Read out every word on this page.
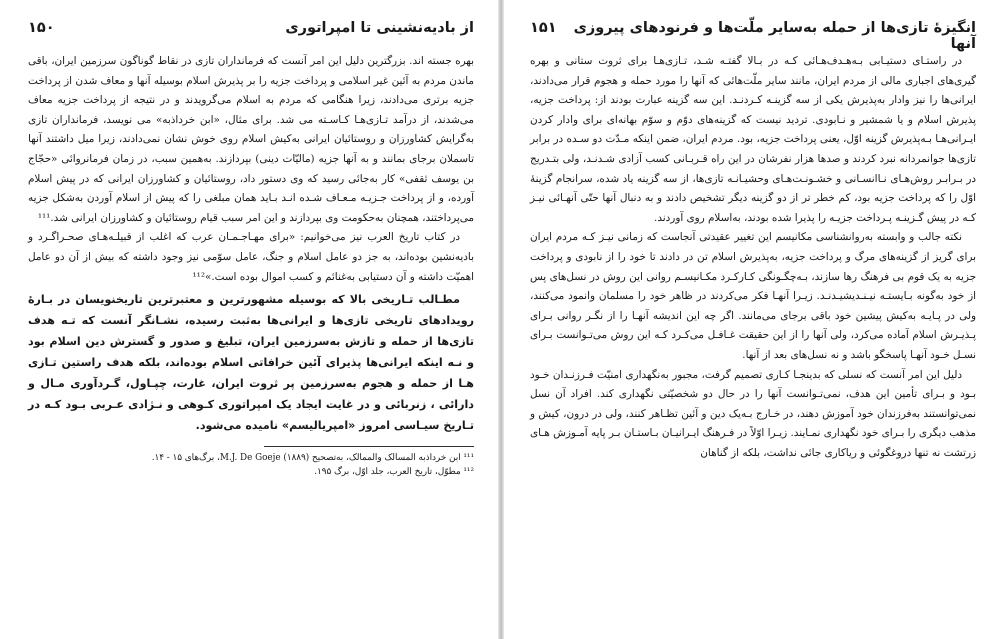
از بادیه‌نشینی تا امپراتوری
۱۵۰

بهره جسته اند. بزرگترین دلیل این امر آنست که فرمانداران تازی در نقاط گوناگون سرزمین ایران، باقی ماندن مردم به آئین غیر اسلامی و پرداخت جزیه را بر پذیرش اسلام بوسیله آنها و معاف شدن از پرداخت جزیه برتری می‌دادند، زیرا هنگامی که مردم به اسلام می‌گرویدند و در نتیجه از پرداخت جزیه معاف می‌شدند، از درآمد تـازی‌هـا کـاسـته می شد. برای مثال، «ابن خرداذبه» می نویسد، فرمانداران تازی به‌گرایش کشاورزان و روستائیان ایرانی به‌کیش اسلام روی خوش نشان نمی‌دادند، زیرا میل داشتند آنها تاسملان برجای بمانند و به آنها جزیه (مالیّات دینی) بپردازند. به‌همین سبب، در زمان فرمانروائی «حجّاج بن یوسف ثقفی» کار به‌جائی رسید که وی دستور داد، روستائیان و کشاورزان ایرانی که در پیش اسلام آورده، و از پرداخت جـزیـه مـعـاف شـده انـد بـاید همان مبلغی را که پیش از اسلام آوردن به‌شکل جزیه می‌پرداختند، همچنان به‌حکومت وی بپردازند و این امر سبب قیام روستائیان و کشاورزان ایرانی شد.¹¹¹

در کتاب تاریخ العرب نیز می‌خوانیم: «برای مهـاجـمـان عرب که اغلب از قبیلـه‌هـای صحـراگـرد و بادیه‌نشین بوده‌اند، به جز دو عامل اسلام و جنگ، عامل سوّمی نیز وجود داشته که بیش از آن دو عامل اهمیّت داشته و آن دستیابی به‌غنائم و کسب اموال بوده است.»¹¹²

مطـالب تـاریخی بالا که بوسیله مشهورترین و معتبرترین تاریخنویسان در بـارهٔ رویدادهای تاریخی تازی‌ها و ایرانی‌ها به‌ثبت رسیده، نشـانگر آنست که تـه هدف تازی‌ها از حمله و تازش به‌سرزمین ایران، تبلیغ و صدور و گسترش دین اسلام بود و نـه اینکه ایرانی‌ها پذیرای آئین خرافاتی اسلام بوده‌اند، بلکه هدف راستین تـازی‌ هـا از حمله و هجوم به‌سرزمین پر ثروت ایران، غارت، چپـاول، گـردآوری مـال و دارائی ، زنربائی و در غایت ایجاد یک امپراتوری کـوهی و نـژادی عـربی بـود کـه در تـاریخ سیـاسی امروز «امپریالیسم» نامیده می‌شود.

¹¹¹ ابن خرداذبه المسالک والممالک، به‌تصحیح M.J. De Goeje (۱۸۸۹)، برگ‌های ۱۵ - ۱۴.

¹¹² مطوّل، تاریخ العرب، جلد اوّل، برگ ۱۹۵.

انگیزهٔ تازی‌ها از حمله به‌سایر ملّت‌ها و فرنودهای پیروزی آنها
۱۵۱

در راستـای دستیـابی بـه‌هـدف‌هـائی کـه در بـالا گفتـه شـد، تـازی‌هـا برای ثروت ستانی و بهره گیری‌های اجباری مالی از مردم ایران، مانند سایر ملّت‌هائی که آنها را مورد حمله و هجوم قرار می‌دادند، ایرانی‌ها را نیز وادار به‌پذیرش یکی از سه گزینـه کـردنـد. این سه گزینه عبارت بودند از: پرداخت جزیه، پذیرش اسلام و یا شمشیر و نـابودی. تردید نیست که گزینه‌های دوّم و سوّم بهانه‌ای برای وادار کردن ایـرانی‌هـا بـه‌پذیرش گزینه اوّل، یعنی پرداخت جزیه، بود. مردم ایران، ضمن اینکه مـدّت دو سـده در برابر تازی‌ها جوانمردانه نبرد کردند و صدها هزار نفرشان در این راه قـربـانی کسب آزادی شـدنـد، ولی بتـدریج در بـرابـر روش‌هـای نـاانسـانی و خشـونـت‌هـای وحشیـانـه تازی‌ها، از سه گزینه یاد شده، سرانجام گزینهٔ اوّل را که پرداخت جزیه بود، کم خطر تر از دو گزینه دیگر تشخیص دادند و به دنبال آنها حتّی آنهـائی نیـز کـه در پیش گـزینـه پـرداخت جزیـه را پذیرا شده بودند، به‌اسلام روی آوردند.

نکته جالب و وابسته به‌روانشناسی مکانیسم این تغییر عقیدتی آنجاست که زمانی نیـز کـه مردم ایران برای گریز از گزینه‌های مرگ و پرداخت جزیه، به‌پذیرش اسلام تن در دادند تا خود را از نابودی و پرداخت جزیه به یک قوم بی فرهنگ رها سازند، بـه‌چگـونگی کـارکـرد مکـانیسـم روانی این روش در نسل‌های پس از خود به‌گونه بـایستـه نیـنـدیشیـدنـد. زیـرا آنهـا فکر می‌کردند در ظاهر خود را مسلمان وانمود می‌کنند، ولی در پـایـه به‌کیش پیشین خود باقی برجای می‌مانند. اگر چه این اندیشه آنهـا را از نگـر روانی بـرای پـذیـرش اسلام آماده می‌کرد، ولی آنها را از این حقیقت غـافـل می‌کـرد کـه این روش می‌تـوانست بـرای نسـل خـود آنهـا پاسخگو باشد و نه نسل‌های بعد از آنها.

دلیل این امر آنست که نسلی که بدینجـا کـاری تصمیم گرفت، مجبور به‌نگهداری امنیّت فـرزنـدان خـود بـود و بـرای تأمین این هدف، نمی‌تـوانست آنها را در حال دو شخصیّتی نگهداری کند. افراد آن نسل نمی‌توانستند به‌فرزندان خود آموزش دهند، در خـارج بـه‌یک دین و آئین تظـاهر کنند، ولی در درون، کیش و مذهب دیگری را بـرای خود نگهداری نمـایند. زیـرا اوّلاً در فـرهنگ ایـرانیـان بـاستـان بـر پایه آمـوزش هـای زرتشت نه تنها دروغگوئی و ریاکاری جائی نداشت، بلکه از گناهان
